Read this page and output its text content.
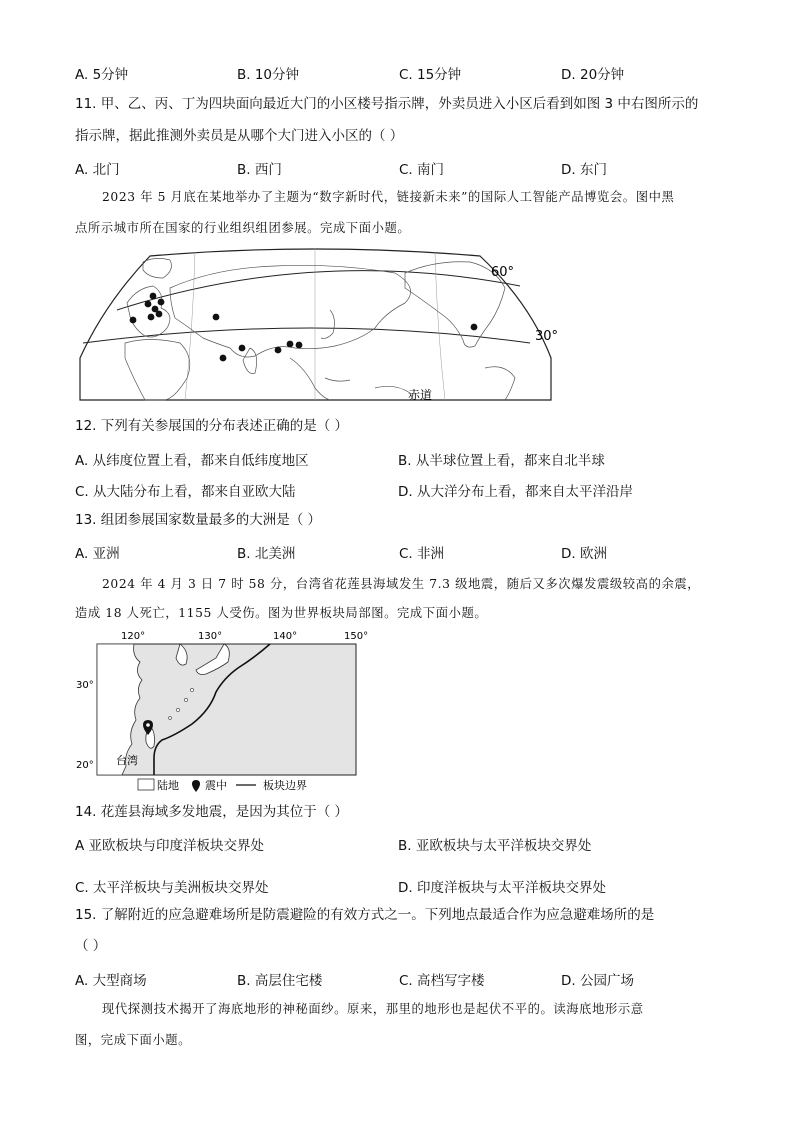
A. 5分钟	B. 10分钟	C. 15分钟	D. 20分钟
11. 甲、乙、丙、丁为四块面向最近大门的小区楼号指示牌，外卖员进入小区后看到如图 3 中右图所示的
指示牌，据此推测外卖员是从哪个大门进入小区的（ ）
A. 北门	B. 西门	C. 南门	D. 东门
2023 年 5 月底在某地举办了主题为“数字新时代，链接新未来”的国际人工智能产品博览会。图中黑
点所示城市所在国家的行业组织组团参展。完成下面小题。
60°
30°
赤道
12. 下列有关参展国的分布表述正确的是（ ）
A. 从纬度位置上看，都来自低纬度地区	B. 从半球位置上看，都来自北半球
C. 从大陆分布上看，都来自亚欧大陆	D. 从大洋分布上看，都来自太平洋沿岸
13. 组团参展国家数量最多的大洲是（ ）
A. 亚洲	B. 北美洲	C. 非洲	D. 欧洲
2024 年 4 月 3 日 7 时 58 分，台湾省花莲县海域发生 7.3 级地震，随后又多次爆发震级较高的余震，
造成 18 人死亡，1155 人受伤。图为世界板块局部图。完成下面小题。
120°	130°	140°	150°
30°
20° 台湾
陆地 震中	板块边界
14. 花莲县海域多发地震，是因为其位于（ ）
A 亚欧板块与印度洋板块交界处	B. 亚欧板块与太平洋板块交界处
C. 太平洋板块与美洲板块交界处	D. 印度洋板块与太平洋板块交界处
15. 了解附近的应急避难场所是防震避险的有效方式之一。下列地点最适合作为应急避难场所的是
（ ）
A. 大型商场	B. 高层住宅楼	C. 高档写字楼	D. 公园广场
现代探测技术揭开了海底地形的神秘面纱。原来，那里的地形也是起伏不平的。读海底地形示意
图，完成下面小题。
